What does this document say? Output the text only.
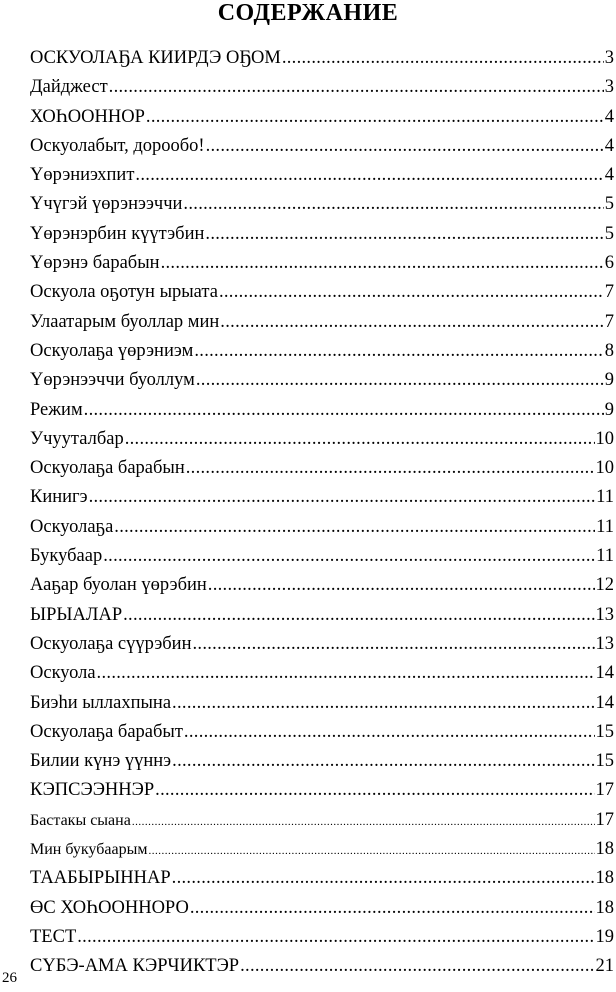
СОДЕРЖАНИЕ
ОСКУОЛАҔА КИИРДЭ ОҔОМ .....	3
Дайджест .....	3
ХОҺООННОР .....	4
Оскуолабыт, дорообо! .....	4
Үөрэниэхпит .....	4
Үчүгэй үөрэнээччи .....	5
Үөрэнэрбин күүтэбин .....	5
Үөрэнэ барабын .....	6
Оскуола оҕотун ырыата .....	7
Улаатарым буоллар мин .....	7
Оскуолаҕа үөрэниэм .....	8
Үөрэнээччи буоллум .....	9
Режим .....	9
Учууталбар .....	10
Оскуолаҕа барабын .....	10
Кинигэ .....	11
Оскуолаҕа .....	11
Букубаар .....	11
Ааҕар буолан үөрэбин .....	12
ЫРЫАЛАР .....	13
Оскуолаҕа сүүрэбин .....	13
Оскуола .....	14
Биэһи ыллахпына .....	14
Оскуолаҕа барабыт .....	15
Билии күнэ үүннэ .....	15
КЭПСЭЭННЭР .....	17
Бастакы сыана .....	17
Мин букубаарым .....	18
ТААБЫРЫННАР .....	18
ӨС ХОҺООННОРО .....	18
ТЕСТ .....	19
СҮБЭ-АМА КЭРЧИКТЭР .....	21
26
